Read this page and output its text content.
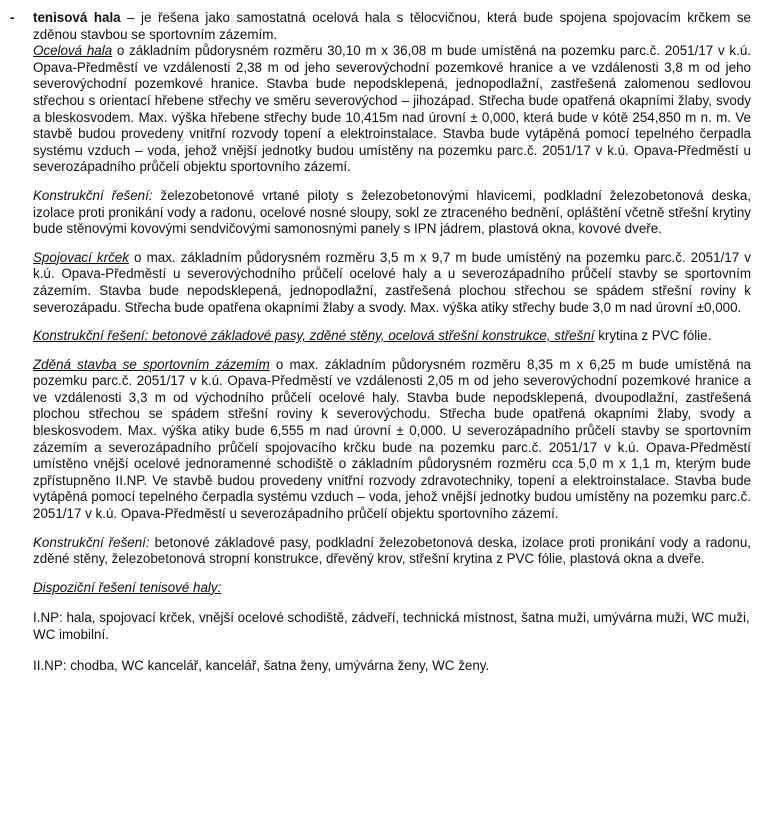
- tenisová hala – je řešena jako samostatná ocelová hala s tělocvičnou, která bude spojena spojovacím krčkem se zděnou stavbou se sportovním zázemím.

Ocelová hala o základním půdorysném rozměru 30,10 m x 36,08 m bude umístěná na pozemku parc.č. 2051/17 v k.ú. Opava-Předměstí ve vzdálenosti 2,38 m od jeho severovýchodní pozemkové hranice a ve vzdálenosti 3,8 m od jeho severovýchodní pozemkové hranice. Stavba bude nepodsklepená, jednopodlažní, zastřešená zalomenou sedlovou střechou s orientací hřebene střechy ve směru severovýchod – jihozápad. Střecha bude opatřená okapními žlaby, svody a bleskosvodem. Max. výška hřebene střechy bude 10,415m nad úrovní ± 0,000, která bude v kótě 254,850 m n. m. Ve stavbě budou provedeny vnitřní rozvody topení a elektroinstalace. Stavba bude vytápěná pomocí tepelného čerpadla systému vzduch – voda, jehož vnější jednotky budou umístěny na pozemku parc.č. 2051/17 v k.ú. Opava-Předměstí u severozápadního průčelí objektu sportovního zázemí.

Konstrukční řešení: železobetonové vrtané piloty s železobetonovými hlavicemi, podkladní železobetonová deska, izolace proti pronikání vody a radonu, ocelové nosné sloupy, sokl ze ztraceného bednění, opláštění včetně střešní krytiny bude stěnovými kovovými sendvičovými samonosnými panely s IPN jádrem, plastová okna, kovové dveře.

Spojovací krček o max. základním půdorysném rozměru 3,5 m x 9,7 m bude umístěný na pozemku parc.č. 2051/17 v k.ú. Opava-Předměstí u severovýchodního průčelí ocelové haly a u severozápadního průčelí stavby se sportovním zázemím. Stavba bude nepodsklepená, jednopodlažní, zastřešená plochou střechou se spádem střešní roviny k severozápadu. Střecha bude opatřena okapními žlaby a svody. Max. výška atiky střechy bude 3,0 m nad úrovní ±0,000.

Konstrukční řešení: betonové základové pasy, zděné stěny, ocelová střešní konstrukce, střešní krytina z PVC fólie.

Zděná stavba se sportovním zázemím o max. základním půdorysném rozměru 8,35 m x 6,25 m bude umístěná na pozemku parc.č. 2051/17 v k.ú. Opava-Předměstí ve vzdálenosti 2,05 m od jeho severovýchodní pozemkové hranice a ve vzdálenosti 3,3 m od východního průčelí ocelové haly. Stavba bude nepodsklepená, dvoupodlažní, zastřešená plochou střechou se spádem střešní roviny k severovýchodu. Střecha bude opatřená okapními žlaby, svody a bleskosvodem. Max. výška atiky bude 6,555 m nad úrovní ± 0,000. U severozápadního průčelí stavby se sportovním zázemím a severozápadního průčelí spojovacího krčku bude na pozemku parc.č. 2051/17 v k.ú. Opava-Předměstí umístěno vnější ocelové jednoramenné schodiště o základním půdorysném rozměru cca 5,0 m x 1,1 m, kterým bude zpřístupněno II.NP. Ve stavbě budou provedeny vnitřní rozvody zdravotechniky, topení a elektroinstalace. Stavba bude vytápěná pomocí tepelného čerpadla systému vzduch – voda, jehož vnější jednotky budou umístěny na pozemku parc.č. 2051/17 v k.ú. Opava-Předměstí u severozápadního průčelí objektu sportovního zázemí.

Konstrukční řešení: betonové základové pasy, podkladní železobetonová deska, izolace proti pronikání vody a radonu, zděné stěny, železobetonová stropní konstrukce, dřevěný krov, střešní krytina z PVC fólie, plastová okna a dveře.

Dispoziční řešení tenisové haly:

I.NP: hala, spojovací krček, vnější ocelové schodiště, zádveří, technická místnost, šatna muži, umývárna muži, WC muži, WC imobilní.

II.NP: chodba, WC kancelář, kancelář, šatna ženy, umývárna ženy, WC ženy.
